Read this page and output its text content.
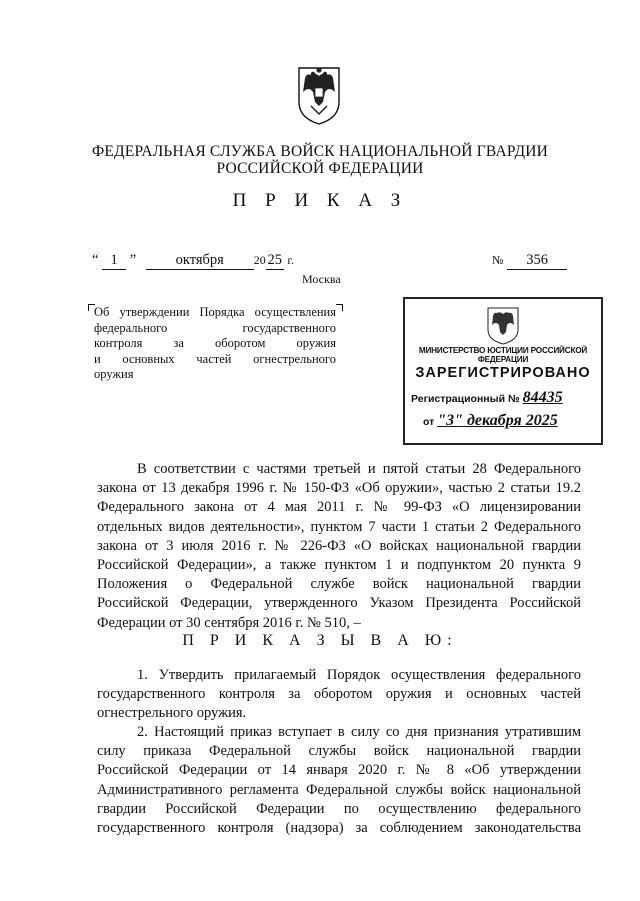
ФЕДЕРАЛЬНАЯ СЛУЖБА ВОЙСК НАЦИОНАЛЬНОЙ ГВАРДИИ
РОССИЙСКОЙ ФЕДЕРАЦИИ
П Р И К А З
“ 1 ”	октября 20 25 г.	№ 356
Москва
Об утверждении Порядка осуществления
федерального государственного
контроля за оборотом оружия
и основных частей огнестрельного
оружия
МИНИСТЕРСТВО ЮСТИЦИИ РОССИЙСКОЙ ФЕДЕРАЦИИ
ЗАРЕГИСТРИРОВАНО
Регистрационный № 84435
от "3" декабря 2025

В соответствии с частями третьей и пятой статьи 28 Федерального
закона от 13 декабря 1996 г. № 150-ФЗ «Об оружии», частью 2 статьи 19.2
Федерального закона от 4 мая 2011 г. № 99-ФЗ «О лицензировании
отдельных видов деятельности», пунктом 7 части 1 статьи 2 Федерального
закона от 3 июля 2016 г. № 226-ФЗ «О войсках национальной гвардии
Российской Федерации», а также пунктом 1 и подпунктом 20 пункта 9
Положения о Федеральной службе войск национальной гвардии
Российской Федерации, утвержденного Указом Президента Российской
Федерации от 30 сентября 2016 г. № 510, –

П Р И К А З Ы В А Ю:

1. Утвердить прилагаемый Порядок осуществления федерального
государственного контроля за оборотом оружия и основных частей
огнестрельного оружия.

2. Настоящий приказ вступает в силу со дня признания утратившим
силу приказа Федеральной службы войск национальной гвардии
Российской Федерации от 14 января 2020 г. № 8 «Об утверждении
Административного регламента Федеральной службы войск национальной
гвардии Российской Федерации по осуществлению федерального
государственного контроля (надзора) за соблюдением законодательства
